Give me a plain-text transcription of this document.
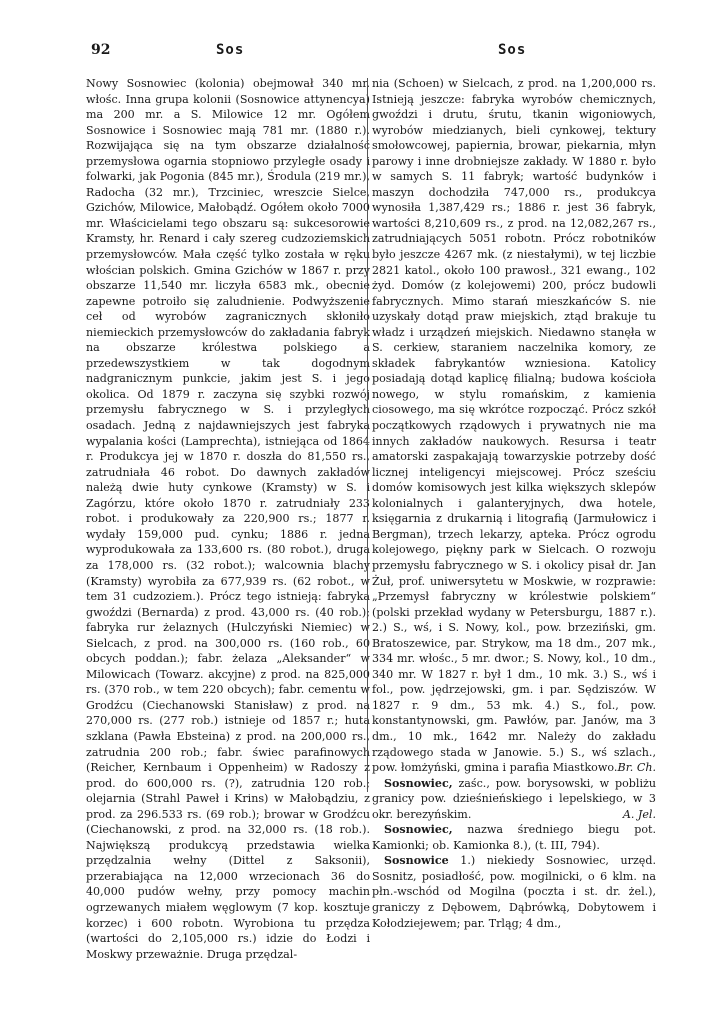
92	Sos	Sos

Nowy Sosnowiec (kolonia) obejmował 340 mr. włośc. Inna grupa kolonii (Sosnowice attynencya) ma 200 mr. a S. Milowice 12 mr. Ogółem Sosnowice i Sosnowiec mają 781 mr. (1880 r.). Rozwijająca się na tym obszarze działalność przemysłowa ogarnia stopniowo przyległe osady i folwarki, jak Pogonia (845 mr.), Środula (219 mr.), Radocha (32 mr.), Trzciniec, wreszcie Sielce, Gzichów, Milowice, Małobądź. Ogółem około 7000 mr. Właścicielami tego obszaru są: sukcesorowie Kramsty, hr. Renard i cały szereg cudzoziemskich przemysłowców. Mała część tylko została w ręku włościan polskich. Gmina Gzichów w 1867 r. przy obszarze 11,540 mr. liczyła 6583 mk., obecnie zapewne potroiło się zaludnienie. Podwyższenie ceł od wyrobów zagranicznych skłoniło niemieckich przemysłowców do zakładania fabryk na obszarze królestwa polskiego a przedewszystkiem w tak dogodnym nadgranicznym punkcie, jakim jest S. i jego okolica. Od 1879 r. zaczyna się szybki rozwój przemysłu fabrycznego w S. i przyległych osadach. Jedną z najdawniejszych jest fabryka wypalania kości (Lamprechta), istniejąca od 1864 r. Produkcya jej w 1870 r. doszła do 81,550 rs., zatrudniała 46 robot. Do dawnych zakładów należą dwie huty cynkowe (Kramsty) w S. i Zagórzu, które około 1870 r. zatrudniały 233 robot. i produkowały za 220,900 rs.; 1877 r. wydały 159,000 pud. cynku; 1886 r. jedna wyprodukowała za 133,600 rs. (80 robot.), druga za 178,000 rs. (32 robot.); walcownia blachy (Kramsty) wyrobiła za 677,939 rs. (62 robot., w tem 31 cudzoziem.). Prócz tego istnieją: fabryka gwoździ (Bernarda) z prod. 43,000 rs. (40 rob.); fabryka rur żelaznych (Hulczyński Niemiec) w Sielcach, z prod. na 300,000 rs. (160 rob., 60 obcych poddan.); fabr. żelaza „Aleksander“ w Milowicach (Towarz. akcyjne) z prod. na 825,000 rs. (370 rob., w tem 220 obcych); fabr. cementu w Grodźcu (Ciechanowski Stanisław) z prod. na 270,000 rs. (277 rob.) istnieje od 1857 r.; huta szklana (Pawła Ebsteina) z prod. na 200,000 rs., zatrudnia 200 rob.; fabr. świec parafinowych (Reicher, Kernbaum i Oppenheim) w Radoszy z prod. do 600,000 rs. (?), zatrudnia 120 rob.; olejarnia (Strahl Paweł i Krins) w Małobądziu, z prod. za 296.533 rs. (69 rob.); browar w Grodźcu (Ciechanowski, z prod. na 32,000 rs. (18 rob.). Największą produkcyą przedstawia wielka przędzalnia wełny (Dittel z Saksonii), przerabiająca na 12,000 wrzecionach 36 do 40,000 pudów wełny, przy pomocy machin ogrzewanych miałem węglowym (7 kop. kosztuje korzec) i 600 robotn. Wyrobiona tu przędza (wartości do 2,105,000 rs.) idzie do Łodzi i Moskwy przeważnie. Druga przędzal-

nia (Schoen) w Sielcach, z prod. na 1,200,000 rs. Istnieją jeszcze: fabryka wyrobów chemicznych, gwoździ i drutu, śrutu, tkanin wigoniowych, wyrobów miedzianych, bieli cynkowej, tektury smołowcowej, papiernia, browar, piekarnia, młyn parowy i inne drobniejsze zakłady. W 1880 r. było w samych S. 11 fabryk; wartość budynków i maszyn dochodziła 747,000 rs., produkcya wynosiła 1,387,429 rs.; 1886 r. jest 36 fabryk, wartości 8,210,609 rs., z prod. na 12,082,267 rs., zatrudniających 5051 robotn. Prócz robotników było jeszcze 4267 mk. (z niestałymi), w tej liczbie 2821 katol., około 100 prawosł., 321 ewang., 102 żyd. Domów (z kolejowemi) 200, prócz budowli fabrycznych. Mimo starań mieszkańców S. nie uzyskały dotąd praw miejskich, ztąd brakuje tu władz i urządzeń miejskich. Niedawno stanęła w S. cerkiew, staraniem naczelnika komory, ze składek fabrykantów wzniesiona. Katolicy posiadają dotąd kaplicę filialną; budowa kościoła nowego, w stylu romańskim, z kamienia ciosowego, ma się wkrótce rozpocząć. Prócz szkół początkowych rządowych i prywatnych nie ma innych zakładów naukowych. Resursa i teatr amatorski zaspakajają towarzyskie potrzeby dość licznej inteligencyi miejscowej. Prócz sześciu domów komisowych jest kilka większych sklepów kolonialnych i galanteryjnych, dwa hotele, księgarnia z drukarnią i litografią (Jarmułowicz i Bergman), trzech lekarzy, apteka. Prócz ogrodu kolejowego, piękny park w Sielcach. O rozwoju przemysłu fabrycznego w S. i okolicy pisał dr. Jan Żuł, prof. uniwersytetu w Moskwie, w rozprawie: „Przemysł fabryczny w królestwie polskiem“ (polski przekład wydany w Petersburgu, 1887 r.). 2.) S., wś, i S. Nowy, kol., pow. brzeziński, gm. Bratoszewice, par. Strykow, ma 18 dm., 207 mk., 334 mr. włośc., 5 mr. dwor.; S. Nowy, kol., 10 dm., 340 mr. W 1827 r. był 1 dm., 10 mk. 3.) S., wś i fol., pow. jędrzejowski, gm. i par. Sędziszów. W 1827 r. 9 dm., 53 mk. 4.) S., fol., pow. konstantynowski, gm. Pawłów, par. Janów, ma 3 dm., 10 mk., 1642 mr. Należy do zakładu rządowego stada w Janowie. 5.) S., wś szlach., pow. łomżyński, gmina i parafia Miastkowo. Br. Ch.

Sosnowiec, zaśc., pow. borysowski, w pobliżu granicy pow. dzieśnieńskiego i lepelskiego, w 3 okr. berezyńskim.	A. Jel.

Sosnowiec, nazwa średniego biegu pot. Kamionki; ob. Kamionka 8.), (t. III, 794).

Sosnowice 1.) niekiedy Sosnowiec, urzęd. Sosnitz, posiadłość, pow. mogilnicki, o 6 klm. na płn.-wschód od Mogilna (poczta i st. dr. żel.), graniczy z Dębowem, Dąbrówką, Dobytowem i Kołodziejewem; par. Trląg; 4 dm.,
